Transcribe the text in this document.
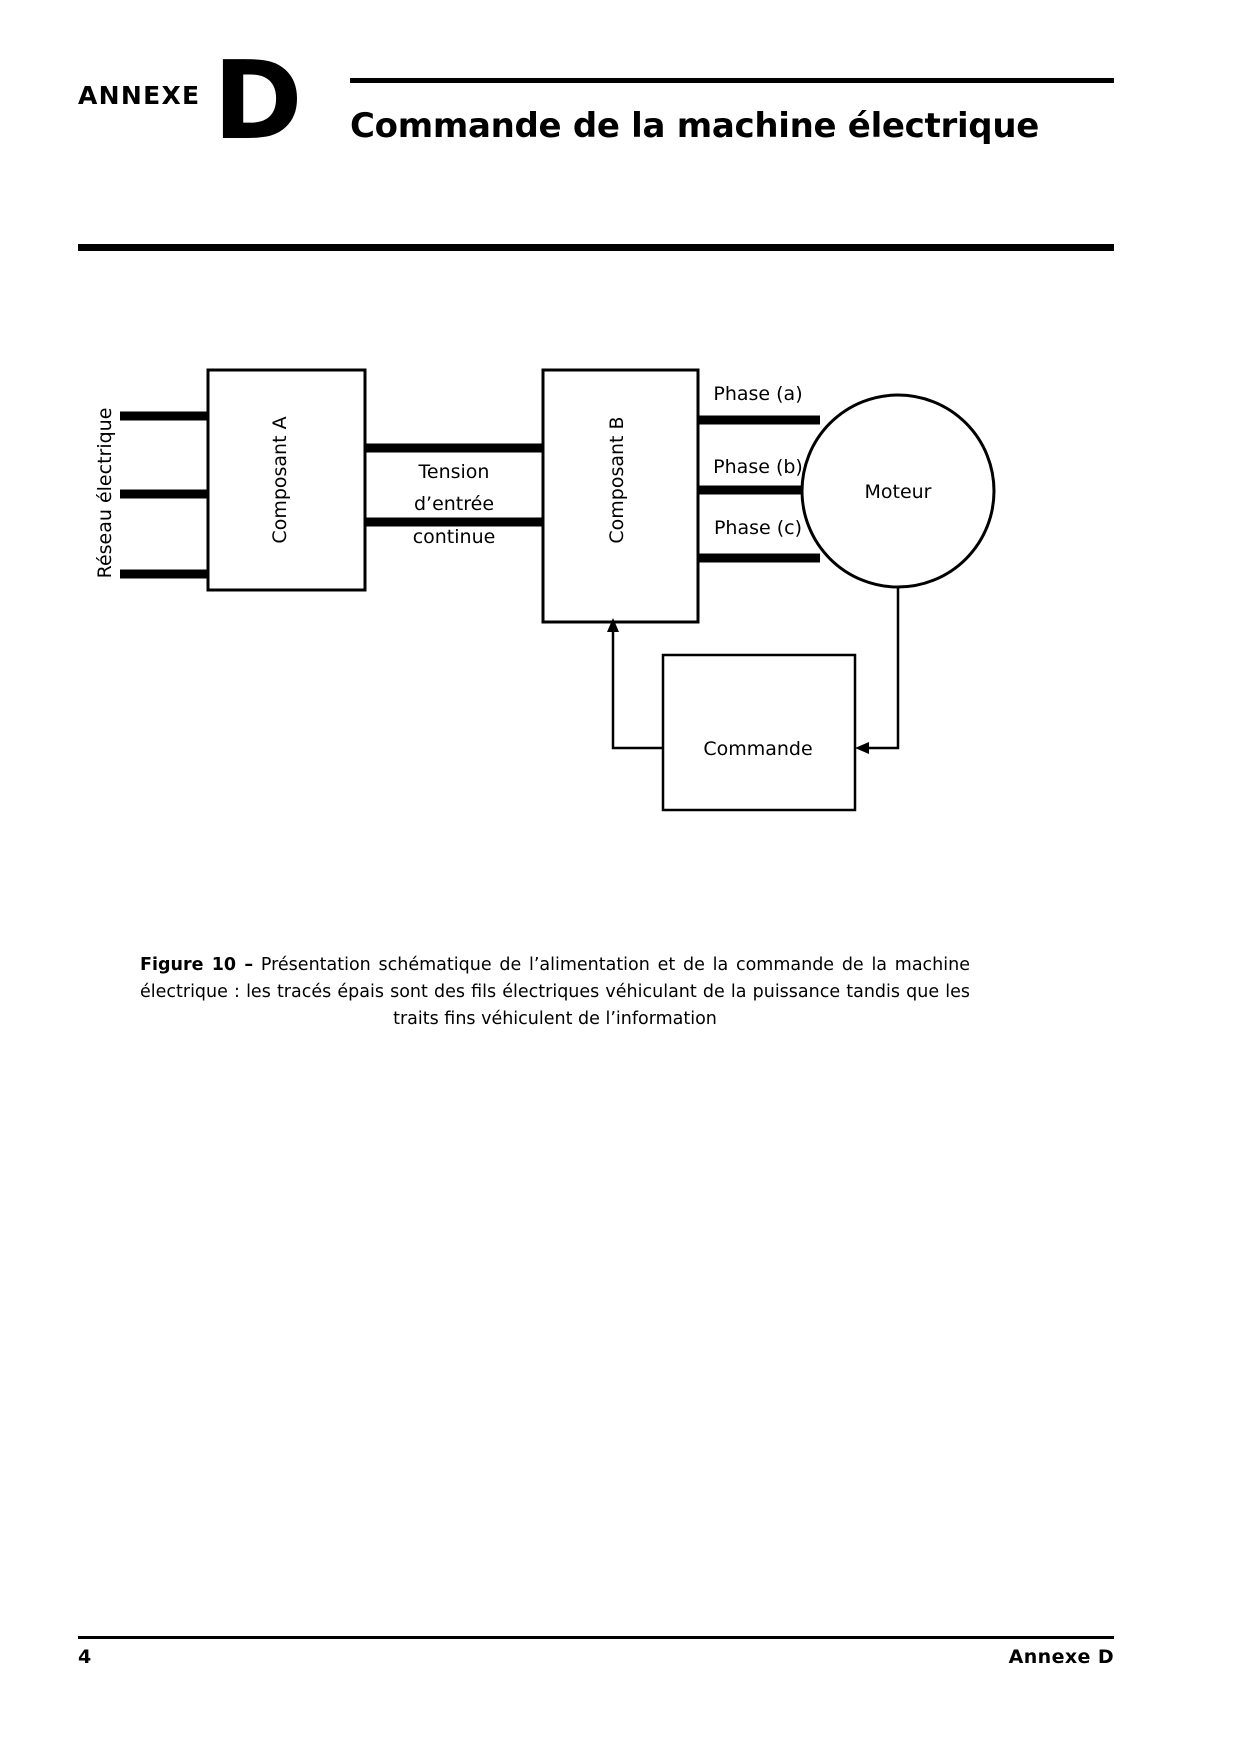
ANNEXE D Commande de la machine électrique
Réseau électrique	Composant A	Tension
d’entrée
continue	Composant B
Phase (a)
Phase (b)
Phase (c)
Moteur
Commande
Figure 10 – Présentation schématique de l’alimentation et de la commande de la machine électrique : les tracés épais sont des fils électriques véhiculant de la puissance tandis que les traits fins véhiculent de l’information
4	Annexe D
